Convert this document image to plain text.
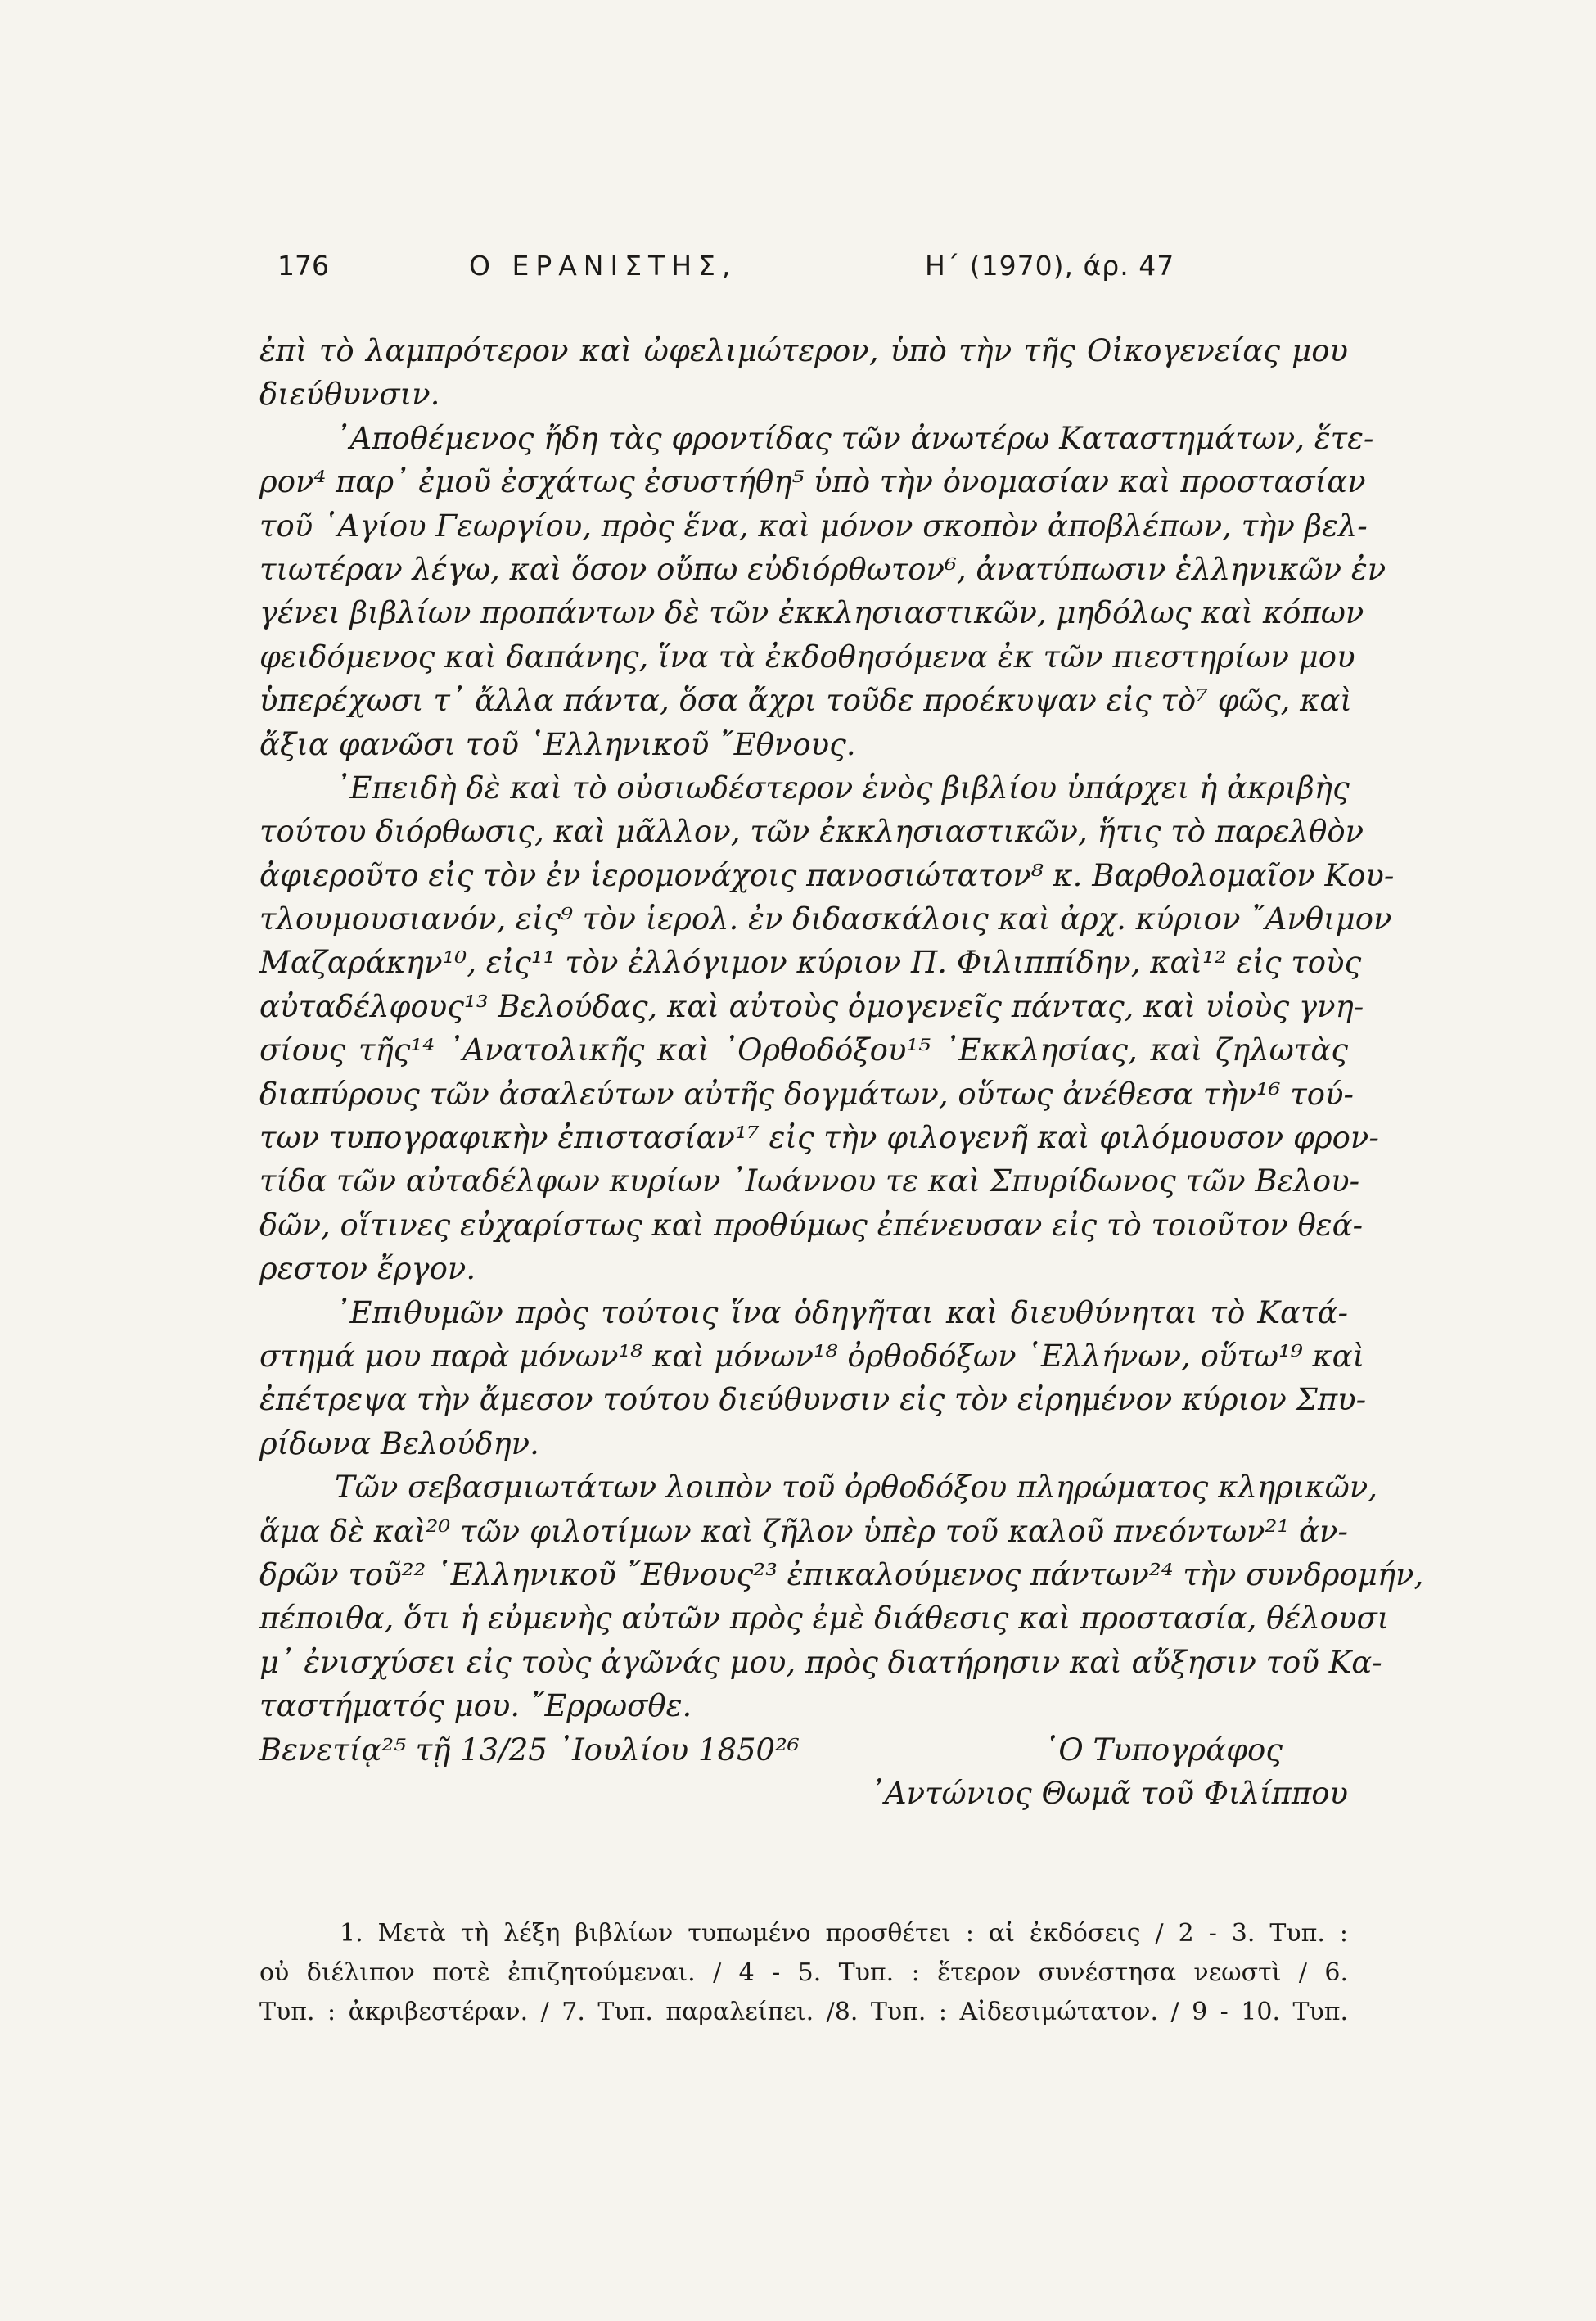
176	Ο ΕΡΑΝΙΣΤΗΣ,	Η΄ (1970), άρ. 47
ἐπὶ τὸ λαμπρότερον καὶ ὠφελιμώτερον, ὑπὸ τὴν τῆς Οἰκογενείας μου
διεύθυνσιν.
᾿Αποθέμενος ἤδη τὰς φροντίδας τῶν ἀνωτέρω Καταστημάτων, ἕτε-
ρον⁴ παρ᾿ ἐμοῦ ἐσχάτως ἐσυστήθη⁵ ὑπὸ τὴν ὀνομασίαν καὶ προστασίαν
τοῦ ῾Αγίου Γεωργίου, πρὸς ἕνα, καὶ μόνον σκοπὸν ἀποβλέπων, τὴν βελ-
τιωτέραν λέγω, καὶ ὅσον οὔπω εὐδιόρθωτον⁶, ἀνατύπωσιν ἑλληνικῶν ἐν
γένει βιβλίων προπάντων δὲ τῶν ἐκκλησιαστικῶν, μηδόλως καὶ κόπων
φειδόμενος καὶ δαπάνης, ἵνα τὰ ἐκδοθησόμενα ἐκ τῶν πιεστηρίων μου
ὑπερέχωσι τ᾿ ἄλλα πάντα, ὅσα ἄχρι τοῦδε προέκυψαν εἰς τὸ⁷ φῶς, καὶ
ἄξια φανῶσι τοῦ ῾Ελληνικοῦ ῎Εθνους.
᾿Επειδὴ δὲ καὶ τὸ οὐσιωδέστερον ἑνὸς βιβλίου ὑπάρχει ἡ ἀκριβὴς
τούτου διόρθωσις, καὶ μᾶλλον, τῶν ἐκκλησιαστικῶν, ἥτις τὸ παρελθὸν
ἀφιεροῦτο εἰς τὸν ἐν ἱερομονάχοις πανοσιώτατον⁸ κ. Βαρθολομαῖον Κου-
τλουμουσιανόν, εἰς⁹ τὸν ἱερολ. ἐν διδασκάλοις καὶ ἀρχ. κύριον ῎Ανθιμον
Μαζαράκην¹⁰, εἰς¹¹ τὸν ἐλλόγιμον κύριον Π. Φιλιππίδην, καὶ¹² εἰς τοὺς
αὐταδέλφους¹³ Βελούδας, καὶ αὐτοὺς ὁμογενεῖς πάντας, καὶ υἱοὺς γνη-
σίους τῆς¹⁴ ᾿Ανατολικῆς καὶ ᾿Ορθοδόξου¹⁵ ᾿Εκκλησίας, καὶ ζηλωτὰς
διαπύρους τῶν ἀσαλεύτων αὐτῆς δογμάτων, οὕτως ἀνέθεσα τὴν¹⁶ τού-
των τυπογραφικὴν ἐπιστασίαν¹⁷ εἰς τὴν φιλογενῆ καὶ φιλόμουσον φρον-
τίδα τῶν αὐταδέλφων κυρίων ᾿Ιωάννου τε καὶ Σπυρίδωνος τῶν Βελου-
δῶν, οἵτινες εὐχαρίστως καὶ προθύμως ἐπένευσαν εἰς τὸ τοιοῦτον θεά-
ρεστον ἔργον.
᾿Επιθυμῶν πρὸς τούτοις ἵνα ὁδηγῆται καὶ διευθύνηται τὸ Κατά-
στημά μου παρὰ μόνων¹⁸ καὶ μόνων¹⁸ ὀρθοδόξων ῾Ελλήνων, οὕτω¹⁹ καὶ
ἐπέτρεψα τὴν ἄμεσον τούτου διεύθυνσιν εἰς τὸν εἰρημένον κύριον Σπυ-
ρίδωνα Βελούδην.
Τῶν σεβασμιωτάτων λοιπὸν τοῦ ὀρθοδόξου πληρώματος κληρικῶν,
ἅμα δὲ καὶ²⁰ τῶν φιλοτίμων καὶ ζῆλον ὑπὲρ τοῦ καλοῦ πνεόντων²¹ ἀν-
δρῶν τοῦ²² ῾Ελληνικοῦ ῎Εθνους²³ ἐπικαλούμενος πάντων²⁴ τὴν συνδρομήν,
πέποιθα, ὅτι ἡ εὐμενὴς αὐτῶν πρὸς ἐμὲ διάθεσις καὶ προστασία, θέλουσι
μ᾿ ἐνισχύσει εἰς τοὺς ἀγῶνάς μου, πρὸς διατήρησιν καὶ αὔξησιν τοῦ Κα-
ταστήματός μου. ῎Ερρωσθε.
Βενετίᾳ²⁵ τῇ 13/25 ᾿Ιουλίου 1850²⁶	῾Ο Τυπογράφος
᾿Αντώνιος Θωμᾶ τοῦ Φιλίππου
1. Μετὰ τὴ λέξη βιβλίων τυπωμένο προσθέτει : αἱ ἐκδόσεις / 2 - 3. Τυπ. :
οὐ διέλιπον ποτὲ ἐπιζητούμεναι. / 4 - 5. Τυπ. : ἕτερον συνέστησα νεωστὶ / 6.
Τυπ. : ἀκριβεστέραν. / 7. Τυπ. παραλείπει. /8. Τυπ. : Αἰδεσιμώτατον. / 9 - 10. Τυπ.
